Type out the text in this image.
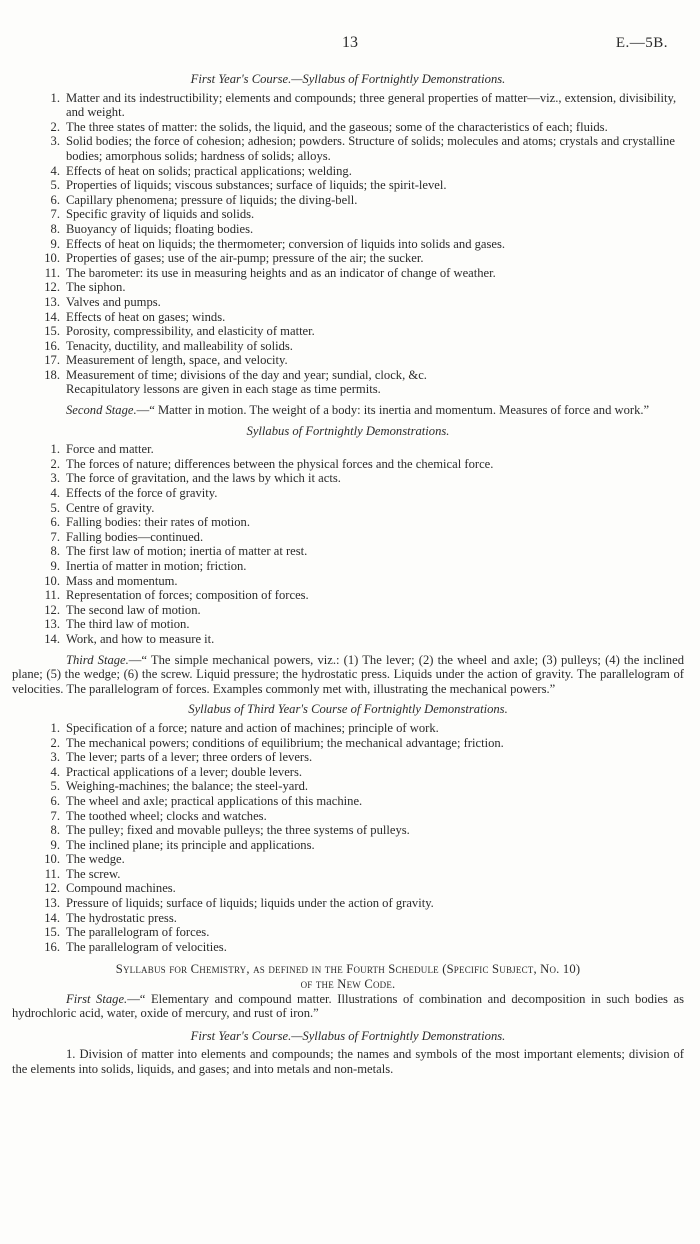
13	E.—5B.

First Year's Course.—Syllabus of Fortnightly Demonstrations.

1. Matter and its indestructibility; elements and compounds; three general properties of matter—viz., extension, divisibility, and weight.
2. The three states of matter: the solids, the liquid, and the gaseous; some of the characteristics of each; fluids.
3. Solid bodies; the force of cohesion; adhesion; powders. Structure of solids; molecules and atoms; crystals and crystalline bodies; amorphous solids; hardness of solids; alloys.
4. Effects of heat on solids; practical applications; welding.
5. Properties of liquids; viscous substances; surface of liquids; the spirit-level.
6. Capillary phenomena; pressure of liquids; the diving-bell.
7. Specific gravity of liquids and solids.
8. Buoyancy of liquids; floating bodies.
9. Effects of heat on liquids; the thermometer; conversion of liquids into solids and gases.
10. Properties of gases; use of the air-pump; pressure of the air; the sucker.
11. The barometer: its use in measuring heights and as an indicator of change of weather.
12. The siphon.
13. Valves and pumps.
14. Effects of heat on gases; winds.
15. Porosity, compressibility, and elasticity of matter.
16. Tenacity, ductility, and malleability of solids.
17. Measurement of length, space, and velocity.
18. Measurement of time; divisions of the day and year; sundial, clock, &c.

Recapitulatory lessons are given in each stage as time permits.

Second Stage.—“ Matter in motion. The weight of a body: its inertia and momentum. Measures of force and work.”

Syllabus of Fortnightly Demonstrations.

1. Force and matter.
2. The forces of nature; differences between the physical forces and the chemical force.
3. The force of gravitation, and the laws by which it acts.
4. Effects of the force of gravity.
5. Centre of gravity.
6. Falling bodies: their rates of motion.
7. Falling bodies—continued.
8. The first law of motion; inertia of matter at rest.
9. Inertia of matter in motion; friction.
10. Mass and momentum.
11. Representation of forces; composition of forces.
12. The second law of motion.
13. The third law of motion.
14. Work, and how to measure it.

Third Stage.—“ The simple mechanical powers, viz.: (1) The lever; (2) the wheel and axle; (3) pulleys; (4) the inclined plane; (5) the wedge; (6) the screw. Liquid pressure; the hydrostatic press. Liquids under the action of gravity. The parallelogram of velocities. The parallelogram of forces. Examples commonly met with, illustrating the mechanical powers.”

Syllabus of Third Year's Course of Fortnightly Demonstrations.

1. Specification of a force; nature and action of machines; principle of work.
2. The mechanical powers; conditions of equilibrium; the mechanical advantage; friction.
3. The lever; parts of a lever; three orders of levers.
4. Practical applications of a lever; double levers.
5. Weighing-machines; the balance; the steel-yard.
6. The wheel and axle; practical applications of this machine.
7. The toothed wheel; clocks and watches.
8. The pulley; fixed and movable pulleys; the three systems of pulleys.
9. The inclined plane; its principle and applications.
10. The wedge.
11. The screw.
12. Compound machines.
13. Pressure of liquids; surface of liquids; liquids under the action of gravity.
14. The hydrostatic press.
15. The parallelogram of forces.
16. The parallelogram of velocities.

Syllabus for Chemistry, as defined in the Fourth Schedule (Specific Subject, No. 10)

of the New Code.

First Stage.—“ Elementary and compound matter. Illustrations of combination and decomposition in such bodies as hydrochloric acid, water, oxide of mercury, and rust of iron.”

First Year's Course.—Syllabus of Fortnightly Demonstrations.

1. Division of matter into elements and compounds; the names and symbols of the most important elements; division of the elements into solids, liquids, and gases; and into metals and non-metals.
